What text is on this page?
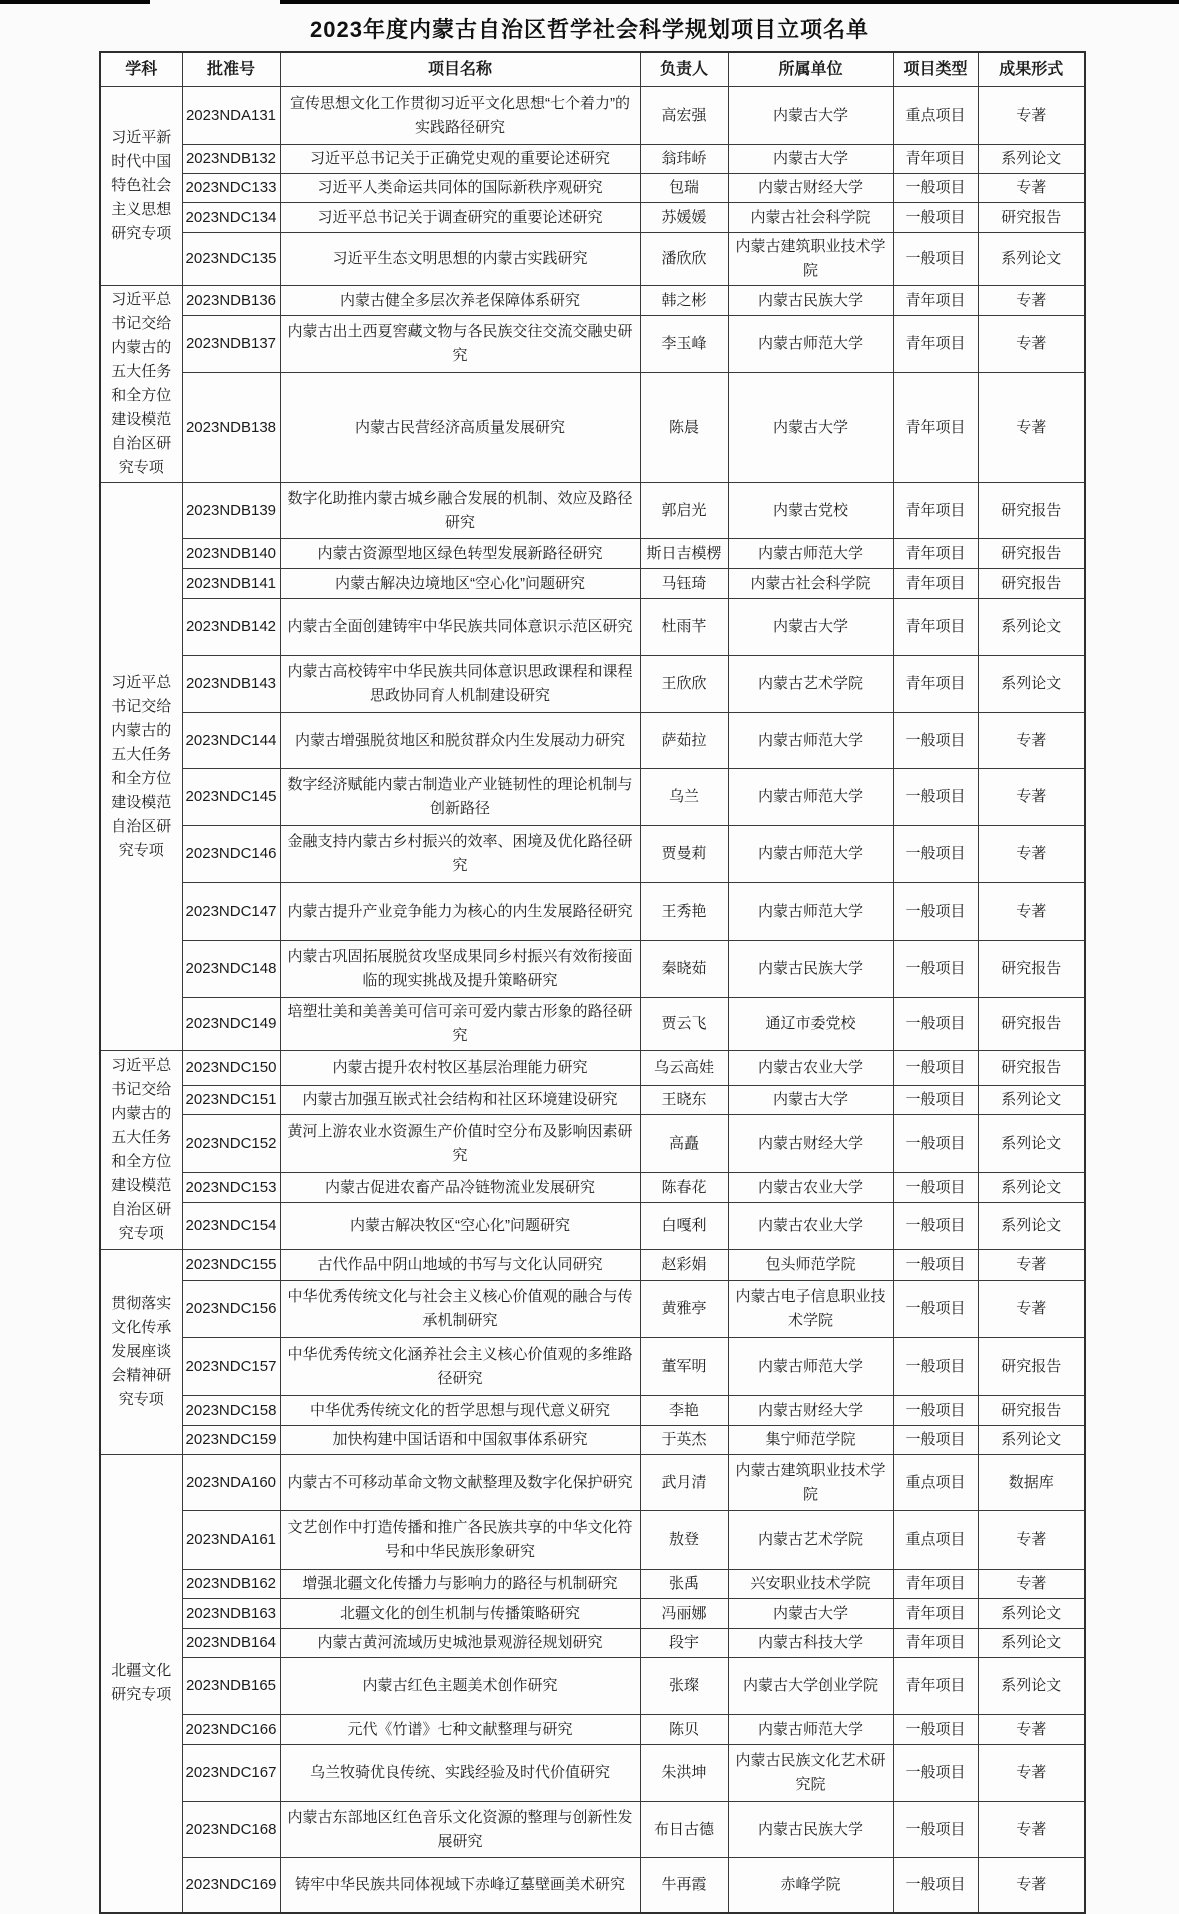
2023年度内蒙古自治区哲学社会科学规划项目立项名单
学科	批准号	项目名称	负责人	所属单位	项目类型	成果形式
习近平新时代中国特色社会主义思想研究专项	2023NDA131	宣传思想文化工作贯彻习近平文化思想“七个着力”的实践路径研究	高宏强	内蒙古大学	重点项目	专著
	2023NDB132	习近平总书记关于正确党史观的重要论述研究	翁玮峤	内蒙古大学	青年项目	系列论文
	2023NDC133	习近平人类命运共同体的国际新秩序观研究	包瑞	内蒙古财经大学	一般项目	专著
	2023NDC134	习近平总书记关于调查研究的重要论述研究	苏媛媛	内蒙古社会科学院	一般项目	研究报告
	2023NDC135	习近平生态文明思想的内蒙古实践研究	潘欣欣	内蒙古建筑职业技术学院	一般项目	系列论文
习近平总书记交给内蒙古的五大任务和全方位建设模范自治区研究专项	2023NDB136	内蒙古健全多层次养老保障体系研究	韩之彬	内蒙古民族大学	青年项目	专著
	2023NDB137	内蒙古出土西夏窖藏文物与各民族交往交流交融史研究	李玉峰	内蒙古师范大学	青年项目	专著
	2023NDB138	内蒙古民营经济高质量发展研究	陈晨	内蒙古大学	青年项目	专著
习近平总书记交给内蒙古的五大任务和全方位建设模范自治区研究专项	2023NDB139	数字化助推内蒙古城乡融合发展的机制、效应及路径研究	郭启光	内蒙古党校	青年项目	研究报告
	2023NDB140	内蒙古资源型地区绿色转型发展新路径研究	斯日吉模楞	内蒙古师范大学	青年项目	研究报告
	2023NDB141	内蒙古解决边境地区“空心化”问题研究	马钰琦	内蒙古社会科学院	青年项目	研究报告
	2023NDB142	内蒙古全面创建铸牢中华民族共同体意识示范区研究	杜雨芊	内蒙古大学	青年项目	系列论文
	2023NDB143	内蒙古高校铸牢中华民族共同体意识思政课程和课程思政协同育人机制建设研究	王欣欣	内蒙古艺术学院	青年项目	系列论文
	2023NDC144	内蒙古增强脱贫地区和脱贫群众内生发展动力研究	萨茹拉	内蒙古师范大学	一般项目	专著
	2023NDC145	数字经济赋能内蒙古制造业产业链韧性的理论机制与创新路径	乌兰	内蒙古师范大学	一般项目	专著
	2023NDC146	金融支持内蒙古乡村振兴的效率、困境及优化路径研究	贾曼莉	内蒙古师范大学	一般项目	专著
	2023NDC147	内蒙古提升产业竞争能力为核心的内生发展路径研究	王秀艳	内蒙古师范大学	一般项目	专著
	2023NDC148	内蒙古巩固拓展脱贫攻坚成果同乡村振兴有效衔接面临的现实挑战及提升策略研究	秦晓茹	内蒙古民族大学	一般项目	研究报告
	2023NDC149	培塑壮美和美善美可信可亲可爱内蒙古形象的路径研究	贾云飞	通辽市委党校	一般项目	研究报告
习近平总书记交给内蒙古的五大任务和全方位建设模范自治区研究专项	2023NDC150	内蒙古提升农村牧区基层治理能力研究	乌云高娃	内蒙古农业大学	一般项目	研究报告
	2023NDC151	内蒙古加强互嵌式社会结构和社区环境建设研究	王晓东	内蒙古大学	一般项目	系列论文
	2023NDC152	黄河上游农业水资源生产价值时空分布及影响因素研究	高矗	内蒙古财经大学	一般项目	系列论文
	2023NDC153	内蒙古促进农畜产品冷链物流业发展研究	陈春花	内蒙古农业大学	一般项目	系列论文
	2023NDC154	内蒙古解决牧区“空心化”问题研究	白嘎利	内蒙古农业大学	一般项目	系列论文
贯彻落实文化传承发展座谈会精神研究专项	2023NDC155	古代作品中阴山地域的书写与文化认同研究	赵彩娟	包头师范学院	一般项目	专著
	2023NDC156	中华优秀传统文化与社会主义核心价值观的融合与传承机制研究	黄雅亭	内蒙古电子信息职业技术学院	一般项目	专著
	2023NDC157	中华优秀传统文化涵养社会主义核心价值观的多维路径研究	董军明	内蒙古师范大学	一般项目	研究报告
	2023NDC158	中华优秀传统文化的哲学思想与现代意义研究	李艳	内蒙古财经大学	一般项目	研究报告
	2023NDC159	加快构建中国话语和中国叙事体系研究	于英杰	集宁师范学院	一般项目	系列论文
北疆文化研究专项	2023NDA160	内蒙古不可移动革命文物文献整理及数字化保护研究	武月清	内蒙古建筑职业技术学院	重点项目	数据库
	2023NDA161	文艺创作中打造传播和推广各民族共享的中华文化符号和中华民族形象研究	敖登	内蒙古艺术学院	重点项目	专著
	2023NDB162	增强北疆文化传播力与影响力的路径与机制研究	张禹	兴安职业技术学院	青年项目	专著
	2023NDB163	北疆文化的创生机制与传播策略研究	冯丽娜	内蒙古大学	青年项目	系列论文
	2023NDB164	内蒙古黄河流域历史城池景观游径规划研究	段宇	内蒙古科技大学	青年项目	系列论文
	2023NDB165	内蒙古红色主题美术创作研究	张璨	内蒙古大学创业学院	青年项目	系列论文
	2023NDC166	元代《竹谱》七种文献整理与研究	陈贝	内蒙古师范大学	一般项目	专著
	2023NDC167	乌兰牧骑优良传统、实践经验及时代价值研究	朱洪坤	内蒙古民族文化艺术研究院	一般项目	专著
	2023NDC168	内蒙古东部地区红色音乐文化资源的整理与创新性发展研究	布日古德	内蒙古民族大学	一般项目	专著
	2023NDC169	铸牢中华民族共同体视域下赤峰辽墓壁画美术研究	牛再霞	赤峰学院	一般项目	专著
